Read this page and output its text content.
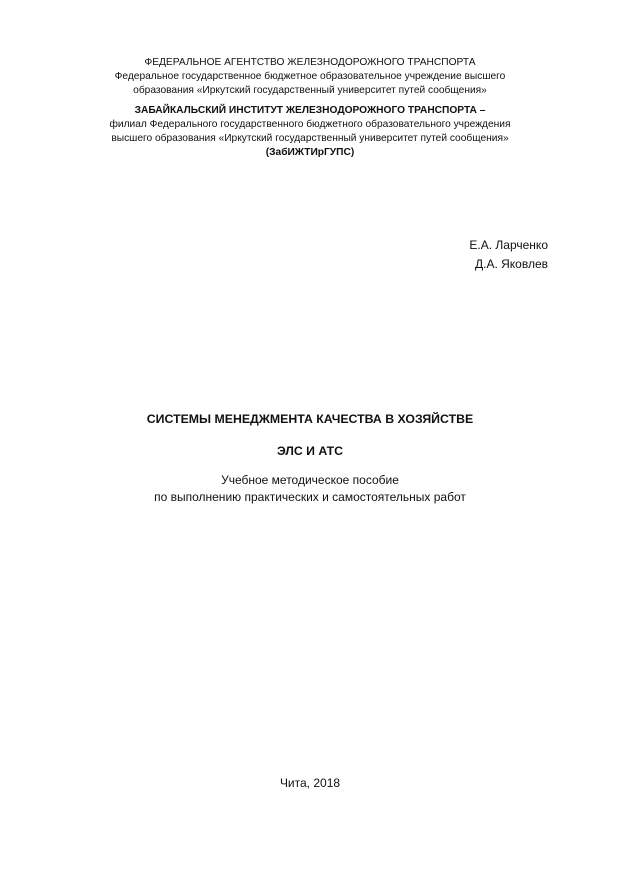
ФЕДЕРАЛЬНОЕ АГЕНТСТВО ЖЕЛЕЗНОДОРОЖНОГО ТРАНСПОРТА
Федеральное государственное бюджетное образовательное учреждение высшего
образования «Иркутский государственный университет путей сообщения»
ЗАБАЙКАЛЬСКИЙ ИНСТИТУТ ЖЕЛЕЗНОДОРОЖНОГО ТРАНСПОРТА –
филиал Федерального государственного бюджетного образовательного учреждения
высшего образования «Иркутский государственный университет путей сообщения»
(ЗабИЖТИрГУПС)
Е.А. Ларченко
Д.А. Яковлев
СИСТЕМЫ МЕНЕДЖМЕНТА КАЧЕСТВА В ХОЗЯЙСТВЕ
ЭЛС И АТС
Учебное методическое пособие
по выполнению практических и самостоятельных работ
Чита, 2018
